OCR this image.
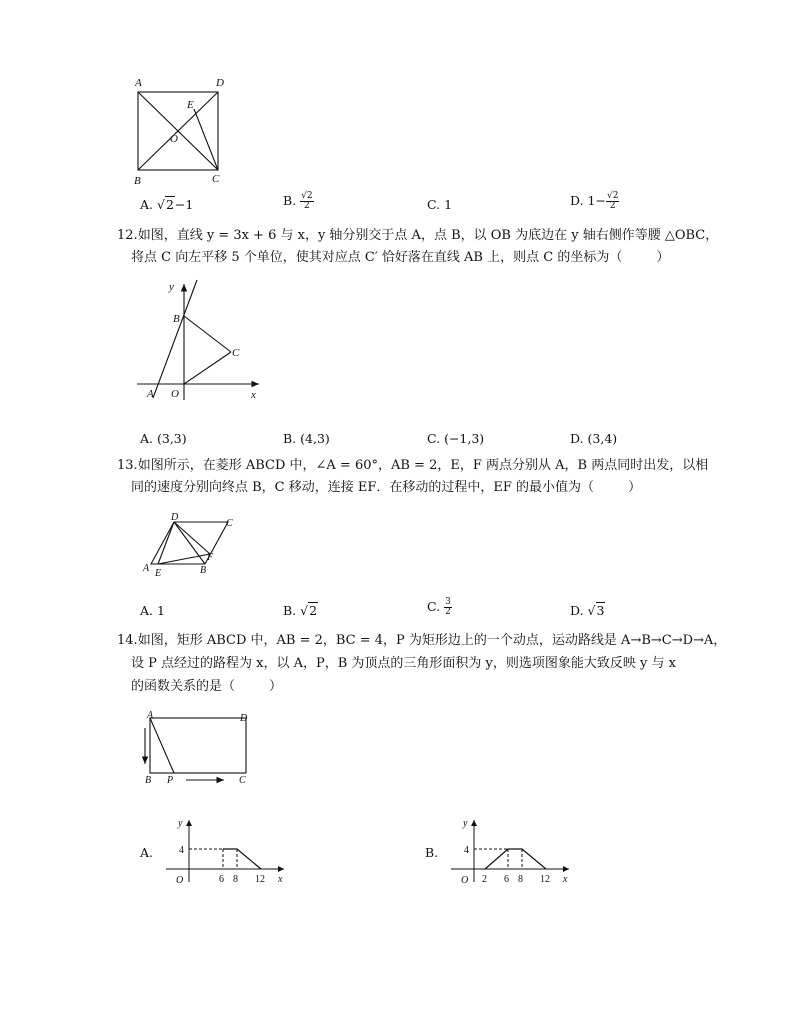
A	D
B	C
E
O
A. √2−1	B. $\frac{√2}{2}$	C. 1	D. $1- \frac{√2}{2}$
12.如图，直线 y = 3x + 6 与 x，y 轴分别交于点 A，点 B，以 OB 为底边在 y 轴右侧作等腰 △OBC，
将点 C 向左平移 5 个单位，使其对应点 C′ 恰好落在直线 AB 上，则点 C 的坐标为（	）
y
x
A O
B
C
A. (3,3)	B. (4,3)	C. (−1,3)	D. (3,4)
13.如图所示，在菱形 ABCD 中，∠A = 60°，AB = 2，E，F 两点分别从 A，B 两点同时出发，以相
同的速度分别向终点 B，C 移动，连接 EF．在移动的过程中，EF 的最小值为（	）
D
C
A E	B
F
A. 1	B. √2	C. $\frac{3}{2}$	D. √3
14.如图，矩形 ABCD 中，AB = 2，BC = 4，P 为矩形边上的一个动点，运动路线是 A→B→C→D→A，
设 P 点经过的路程为 x，以 A，P，B 为顶点的三角形面积为 y，则选项图象能大致反映 y 与 x
的函数关系的是（	）
A	D
B P	C
A.
y
x
O
4
6 8 12
B.
y
x
O
4
2 6 8 12
